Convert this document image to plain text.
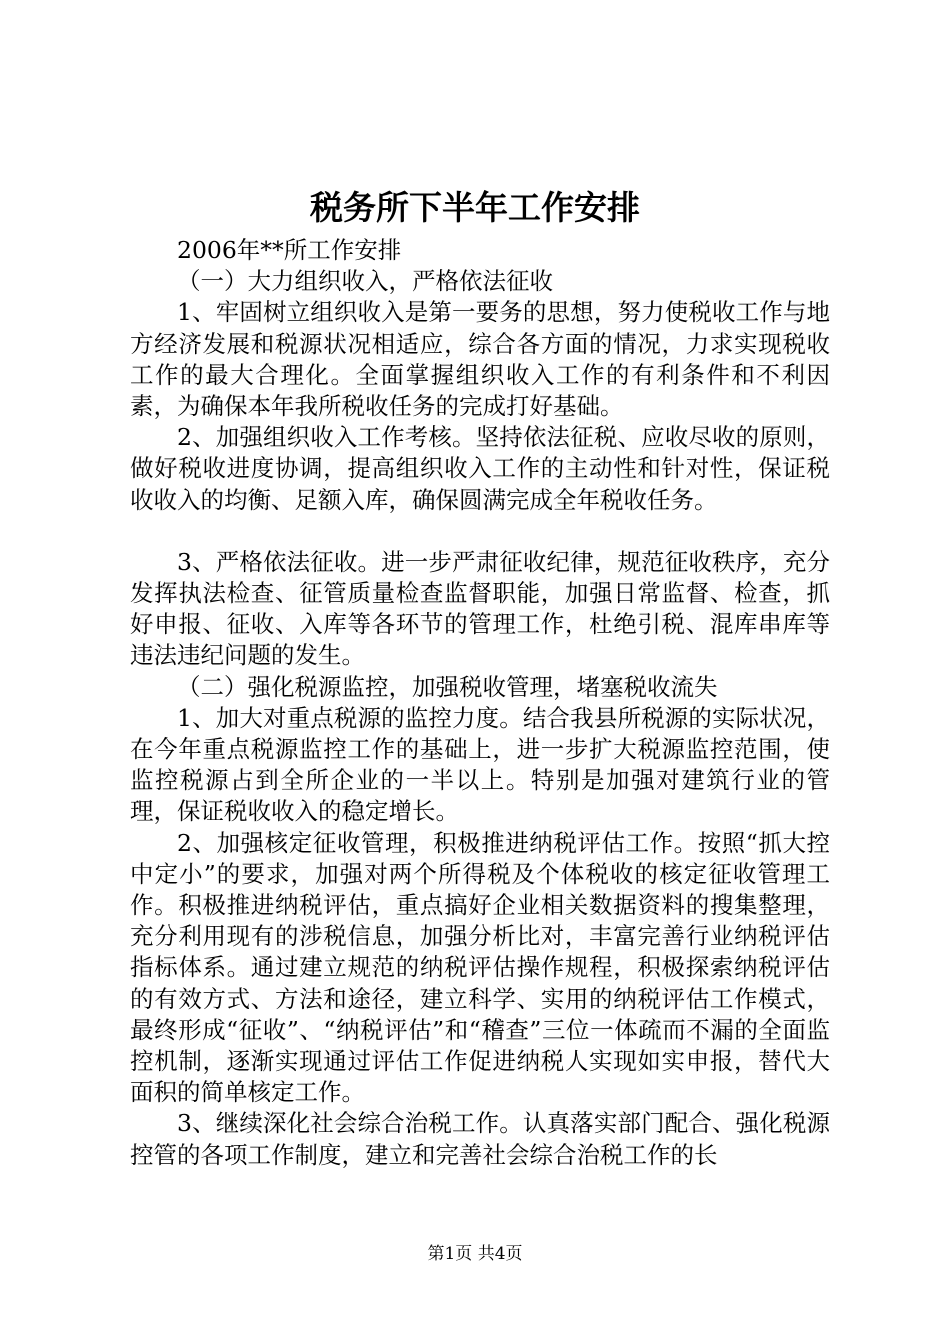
税务所下半年工作安排

2006年**所工作安排

（一）大力组织收入，严格依法征收

1、牢固树立组织收入是第一要务的思想，努力使税收工作与地方经济发展和税源状况相适应，综合各方面的情况，力求实现税收工作的最大合理化。全面掌握组织收入工作的有利条件和不利因素，为确保本年我所税收任务的完成打好基础。

2、加强组织收入工作考核。坚持依法征税、应收尽收的原则，做好税收进度协调，提高组织收入工作的主动性和针对性，保证税收收入的均衡、足额入库，确保圆满完成全年税收任务。

3、严格依法征收。进一步严肃征收纪律，规范征收秩序，充分发挥执法检查、征管质量检查监督职能，加强日常监督、检查，抓好申报、征收、入库等各环节的管理工作，杜绝引税、混库串库等违法违纪问题的发生。

（二）强化税源监控，加强税收管理，堵塞税收流失

1、加大对重点税源的监控力度。结合我县所税源的实际状况，在今年重点税源监控工作的基础上，进一步扩大税源监控范围，使监控税源占到全所企业的一半以上。特别是加强对建筑行业的管理，保证税收收入的稳定增长。

2、加强核定征收管理，积极推进纳税评估工作。按照“抓大控中定小”的要求，加强对两个所得税及个体税收的核定征收管理工作。积极推进纳税评估，重点搞好企业相关数据资料的搜集整理，充分利用现有的涉税信息，加强分析比对，丰富完善行业纳税评估指标体系。通过建立规范的纳税评估操作规程，积极探索纳税评估的有效方式、方法和途径，建立科学、实用的纳税评估工作模式，最终形成“征收”、“纳税评估”和“稽查”三位一体疏而不漏的全面监控机制，逐渐实现通过评估工作促进纳税人实现如实申报，替代大面积的简单核定工作。

3、继续深化社会综合治税工作。认真落实部门配合、强化税源控管的各项工作制度，建立和完善社会综合治税工作的长

第1页 共4页
